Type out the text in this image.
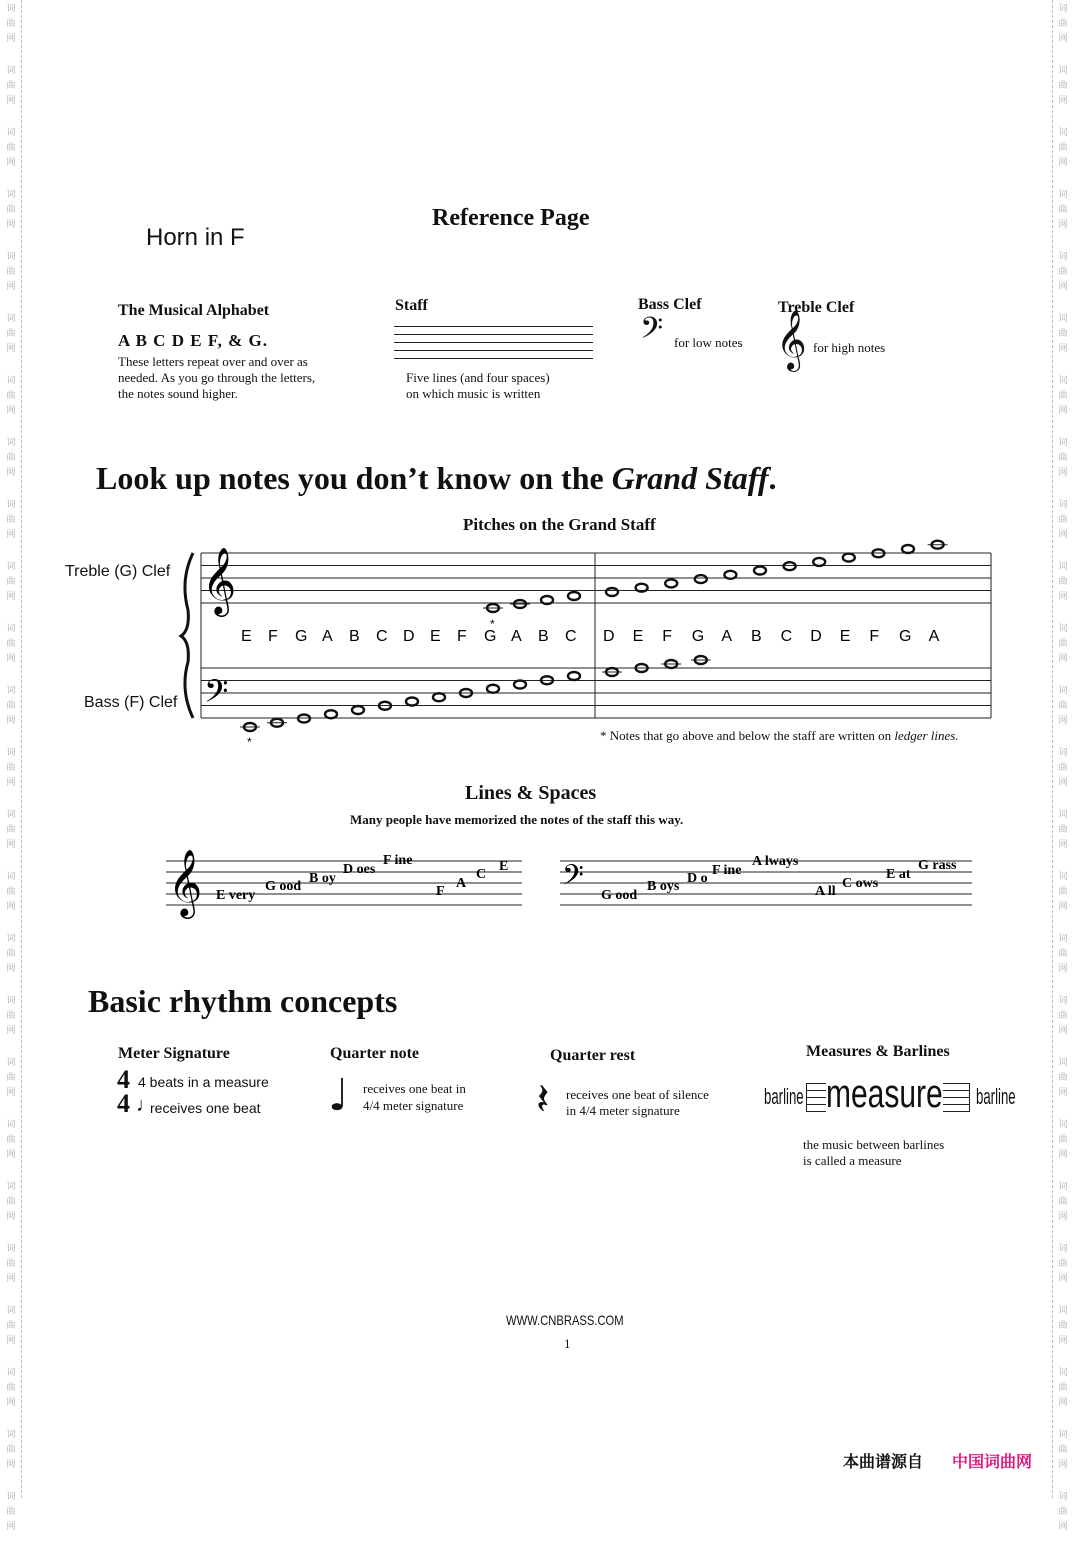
词
曲
网
词
曲
网
词
曲
网
词
曲
网
词
曲
网
词
曲
网
词
曲
网
词
曲
网
词
曲
网
词
曲
网
词
曲
网
词
曲
网
词
曲
网
词
曲
网
词
曲
网
词
曲
网
词
曲
网
词
曲
网
词
曲
网
词
曲
网
词
曲
网
词
曲
网
词
曲
网
词
曲
网
词
曲
网
词
曲
网
词
曲
网
词
曲
网
词
曲
网
词
曲
网
词
曲
网
词
曲
网
词
曲
网
词
曲
网
词
曲
网
词
曲
网
词
曲
网
词
曲
网
词
曲
网
词
曲
网
词
曲
网
词
曲
网
词
曲
网
词
曲
网
词
曲
网
词
曲
网
词
曲
网
词
曲
网
词
曲
网
词
曲
网
Horn in F
Reference Page
The Musical Alphabet
A B C D E F, & G.
These letters repeat over and over as
needed. As you go through the letters,
the notes sound higher.
Staff
Five lines (and four spaces)
on which music is written
Bass Clef
𝄢 for low notes
Treble Clef
𝄞 for high notes
Look up notes you don’t know on the Grand Staff.
Pitches on the Grand Staff
Treble (G) Clef
Bass (F) Clef
* Notes that go above and below the staff are written on ledger lines.
𝄞
𝄢
E F G A B C D E F G A B C D E F G A B C D E F G A
*
*
𝄞	𝄢
E very
G ood
B oy
D oes
F ine
F
A
C
E
G ood
B oys
D o
F ine
A lways
A ll
C ows
E at
G rass
Lines & Spaces
Many people have memorized the notes of the staff this way.
Basic rhythm concepts
Meter Signature
4
4
4 beats in a measure
♩
receives one beat
Quarter note
♩ receives one beat in
4/4 meter signature
Quarter rest
𝄽 receives one beat of silence
in 4/4 meter signature
Measures & Barlines
barline measure barline
the music between barlines
is called a measure
WWW.CNBRASS.COM
1
本曲谱源自 中国词曲网
